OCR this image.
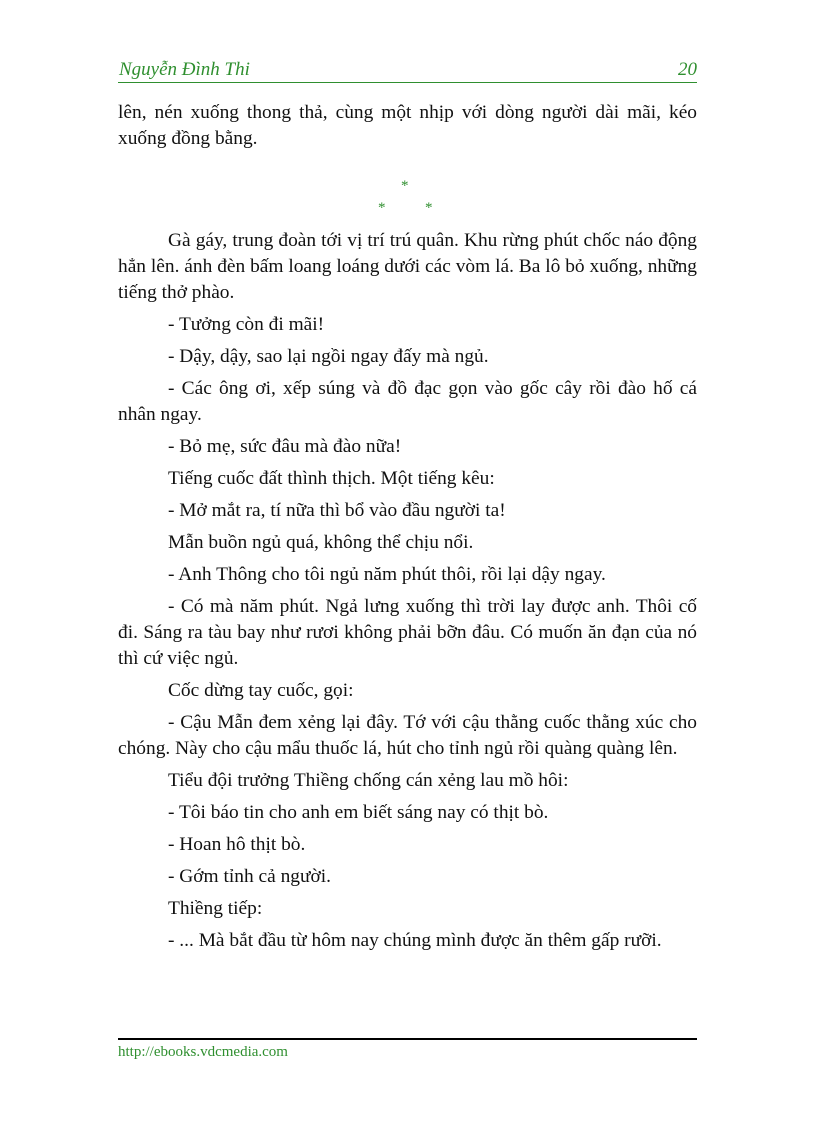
Nguyễn Đình Thi	20

lên, nén xuống thong thả, cùng một nhịp với dòng người dài mãi, kéo xuống đồng bằng.

*
*	*

Gà gáy, trung đoàn tới vị trí trú quân. Khu rừng phút chốc náo động hẳn lên. ánh đèn bấm loang loáng dưới các vòm lá. Ba lô bỏ xuống, những tiếng thở phào.

- Tưởng còn đi mãi!

- Dậy, dậy, sao lại ngồi ngay đấy mà ngủ.

- Các ông ơi, xếp súng và đồ đạc gọn vào gốc cây rồi đào hố cá nhân ngay.

- Bỏ mẹ, sức đâu mà đào nữa!

Tiếng cuốc đất thình thịch. Một tiếng kêu:

- Mở mắt ra, tí nữa thì bổ vào đầu người ta!

Mẫn buồn ngủ quá, không thể chịu nổi.

- Anh Thông cho tôi ngủ năm phút thôi, rồi lại dậy ngay.

- Có mà năm phút. Ngả lưng xuống thì trời lay được anh. Thôi cố đi. Sáng ra tàu bay như rươi không phải bỡn đâu. Có muốn ăn đạn của nó thì cứ việc ngủ.

Cốc dừng tay cuốc, gọi:

- Cậu Mẫn đem xẻng lại đây. Tớ với cậu thằng cuốc thằng xúc cho chóng. Này cho cậu mẩu thuốc lá, hút cho tỉnh ngủ rồi quàng quàng lên.

Tiểu đội trưởng Thiềng chống cán xẻng lau mồ hôi:

- Tôi báo tin cho anh em biết sáng nay có thịt bò.

- Hoan hô thịt bò.

- Gớm tỉnh cả người.

Thiềng tiếp:

- ... Mà bắt đầu từ hôm nay chúng mình được ăn thêm gấp rưỡi.

http://ebooks.vdcmedia.com
